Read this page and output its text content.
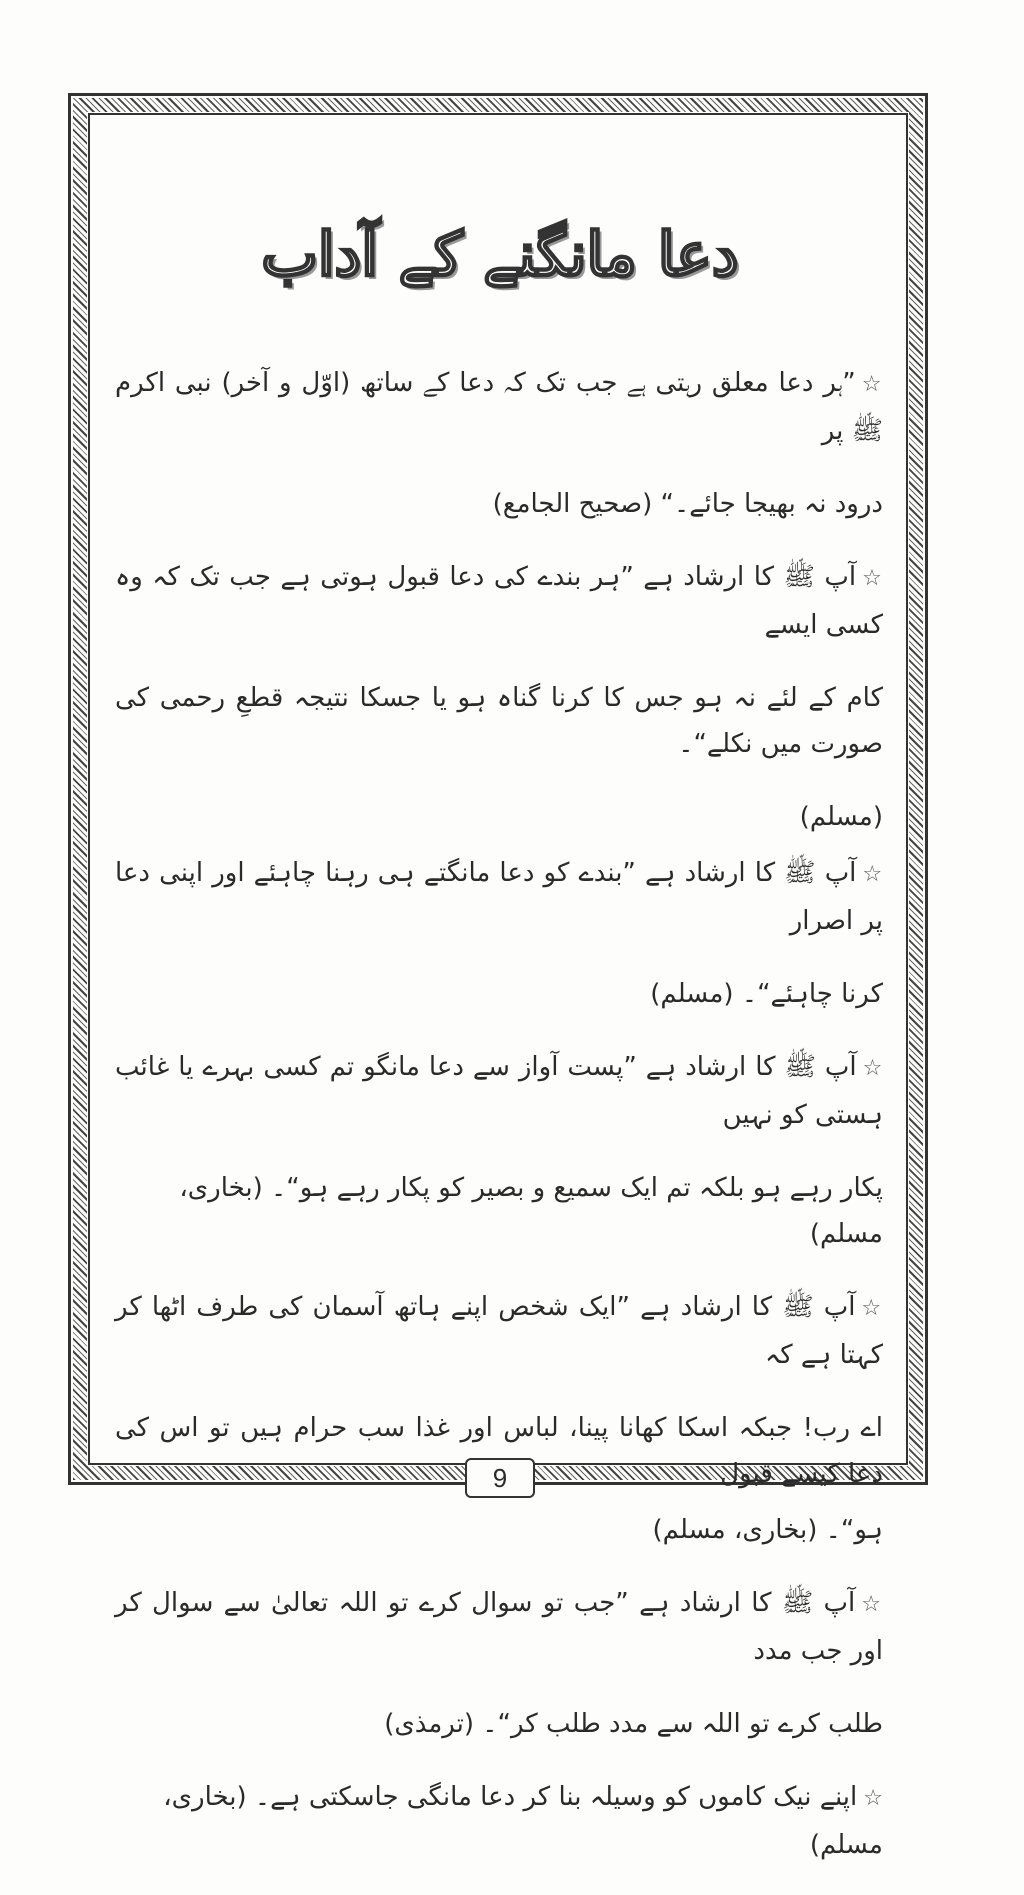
دعا مانگنے کے آداب
☆”ہر دعا معلق رہتی ہے جب تک کہ دعا کے ساتھ (اوّل و آخر) نبی اکرم ﷺ پر
درود نہ بھیجا جائے۔“ (صحیح الجامع)
☆آپ ﷺ کا ارشاد ہے ”ہر بندے کی دعا قبول ہوتی ہے جب تک کہ وہ کسی ایسے
کام کے لئے نہ ہو جس کا کرنا گناہ ہو یا جسکا نتیجہ قطعِ رحمی کی صورت میں نکلے“۔
(مسلم)
☆آپ ﷺ کا ارشاد ہے ”بندے کو دعا مانگتے ہی رہنا چاہئے اور اپنی دعا پر اصرار
کرنا چاہئے“۔ (مسلم)
☆آپ ﷺ کا ارشاد ہے ”پست آواز سے دعا مانگو تم کسی بہرے یا غائب ہستی کو نہیں
پکار رہے ہو بلکہ تم ایک سمیع و بصیر کو پکار رہے ہو“۔ (بخاری، مسلم)
☆آپ ﷺ کا ارشاد ہے ”ایک شخص اپنے ہاتھ آسمان کی طرف اٹھا کر کہتا ہے کہ
اے رب! جبکہ اسکا کھانا پینا، لباس اور غذا سب حرام ہیں تو اس کی دعا کیسے قبول
ہو“۔ (بخاری، مسلم)
☆آپ ﷺ کا ارشاد ہے ”جب تو سوال کرے تو اللہ تعالیٰ سے سوال کر اور جب مدد
طلب کرے تو اللہ سے مدد طلب کر“۔ (ترمذی)
☆اپنے نیک کاموں کو وسیلہ بنا کر دعا مانگی جاسکتی ہے۔ (بخاری، مسلم)
9
